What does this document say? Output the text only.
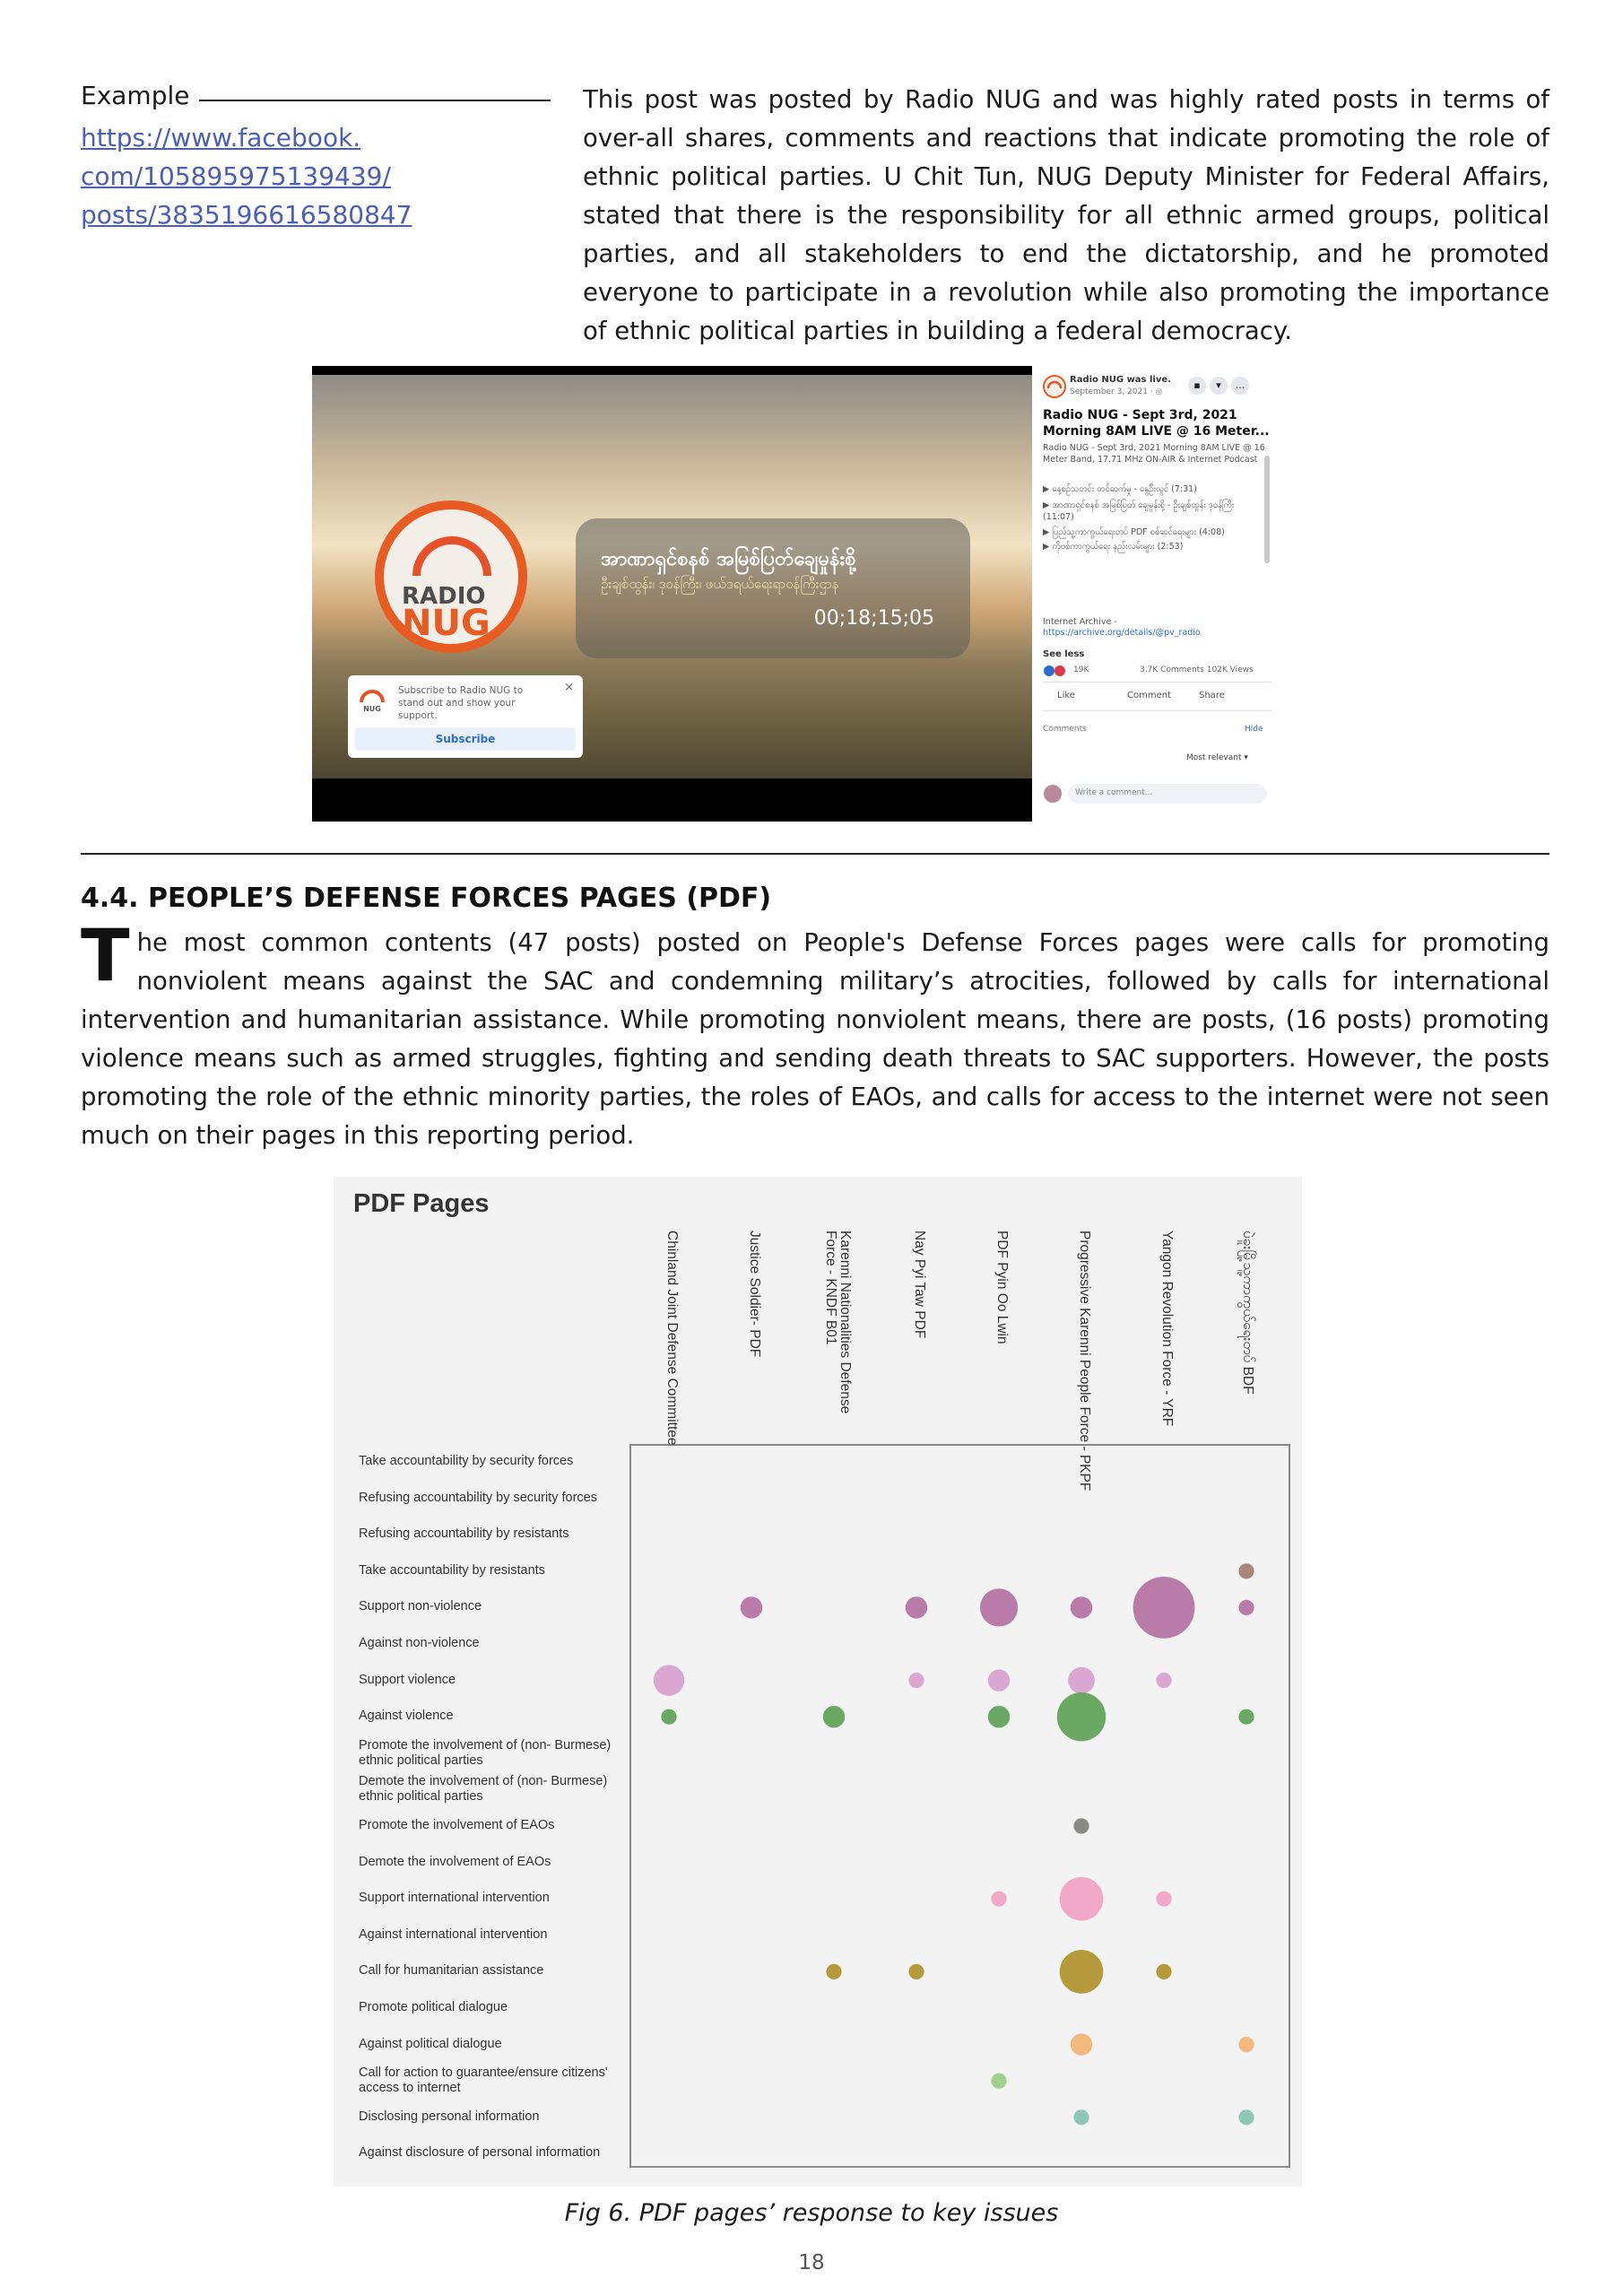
Example
https://www.facebook.
com/105895975139439/
posts/3835196616580847
This post was posted by Radio NUG and was highly rated posts in terms of over-all shares, comments and reactions that indicate promoting the role of ethnic political parties. U Chit Tun, NUG Deputy Minister for Federal Affairs, stated that there is the responsibility for all ethnic armed groups, political parties, and all stakeholders to end the dictatorship, and he promoted everyone to participate in a revolution while also promoting the importance of ethnic political parties in building a federal democracy.
RADIO
NUG
အာဏာရှင်စနစ် အမြစ်ပြတ်ချေမှုန်းစို့
ဦးချစ်ထွန်း၊ ဒုဝန်ကြီး၊ ဖယ်ဒရယ်ရေးရာဝန်ကြီးဌာန
00;18;15;05
NUG
Subscribe to Radio NUG to stand out and show your support.
×
Subscribe
Radio NUG was live.
September 3, 2021 · ◎
▪ ▾ …
Radio NUG - Sept 3rd, 2021 Morning 8AM LIVE @ 16 Meter...
Radio NUG - Sept 3rd, 2021 Morning 8AM LIVE @ 16 Meter Band, 17.71 MHz ON-AIR & Internet Podcast
▶ နေ့စဉ်သတင်း တင်ဆက်မှု - နွေဦးလွင် (7:31)
▶ အာဏာရှင်စနစ် အမြစ်ပြတ် ချေမှုန်းစို့ - ဦးချစ်ထွန်း ဒုဝန်ကြီး (11:07)
▶ ပြည်သူ့ကာကွယ်ရေးတပ် PDF စစ်ဆင်ရေးများ (4:08)
▶ ကိုဗစ်ကာကွယ်ရေး နည်းလမ်းများ (2:53)
Internet Archive -
https://archive.org/details/@pv_radio
See less
19K	3.7K Comments 102K Views
Like	Comment	Share
Comments	Hide
Most relevant ▾
Write a comment...
4.4. PEOPLE’S DEFENSE FORCES PAGES (PDF)
The most common contents (47 posts) posted on People's Defense Forces pages were calls for promoting nonviolent means against the SAC and condemning military’s atrocities, followed by calls for international intervention and humanitarian assistance. While promoting nonviolent means, there are posts, (16 posts) promoting violence means such as armed struggles, fighting and sending death threats to SAC supporters. However, the posts promoting the role of the ethnic minority parties, the roles of EAOs, and calls for access to the internet were not seen much on their pages in this reporting period.
PDF Pages
Chinland Joint Defense Committee	Justice Soldier- PDF	Karenni Nationalities Defense Force - KNDF B01	Nay Pyi Taw PDF	PDF Pyin Oo Lwin	Progressive Karenni People Force - PKPF	Yangon Revolution Force - YRF	ပဲခူးမြို့သူ့ကာကွယ်ရေးတပ် BDF
Take accountability by security forces
Refusing accountability by security forces
Refusing accountability by resistants
Take accountability by resistants
Support non-violence
Against non-violence
Support violence
Against violence
Promote the involvement of (non- Burmese) ethnic political parties
Demote the involvement of (non- Burmese) ethnic political parties
Promote the involvement of EAOs
Demote the involvement of EAOs
Support international intervention
Against international intervention
Call for humanitarian assistance
Promote political dialogue
Against political dialogue
Call for action to guarantee/ensure citizens' access to internet
Disclosing personal information
Against disclosure of personal information
Fig 6. PDF pages’ response to key issues
18
